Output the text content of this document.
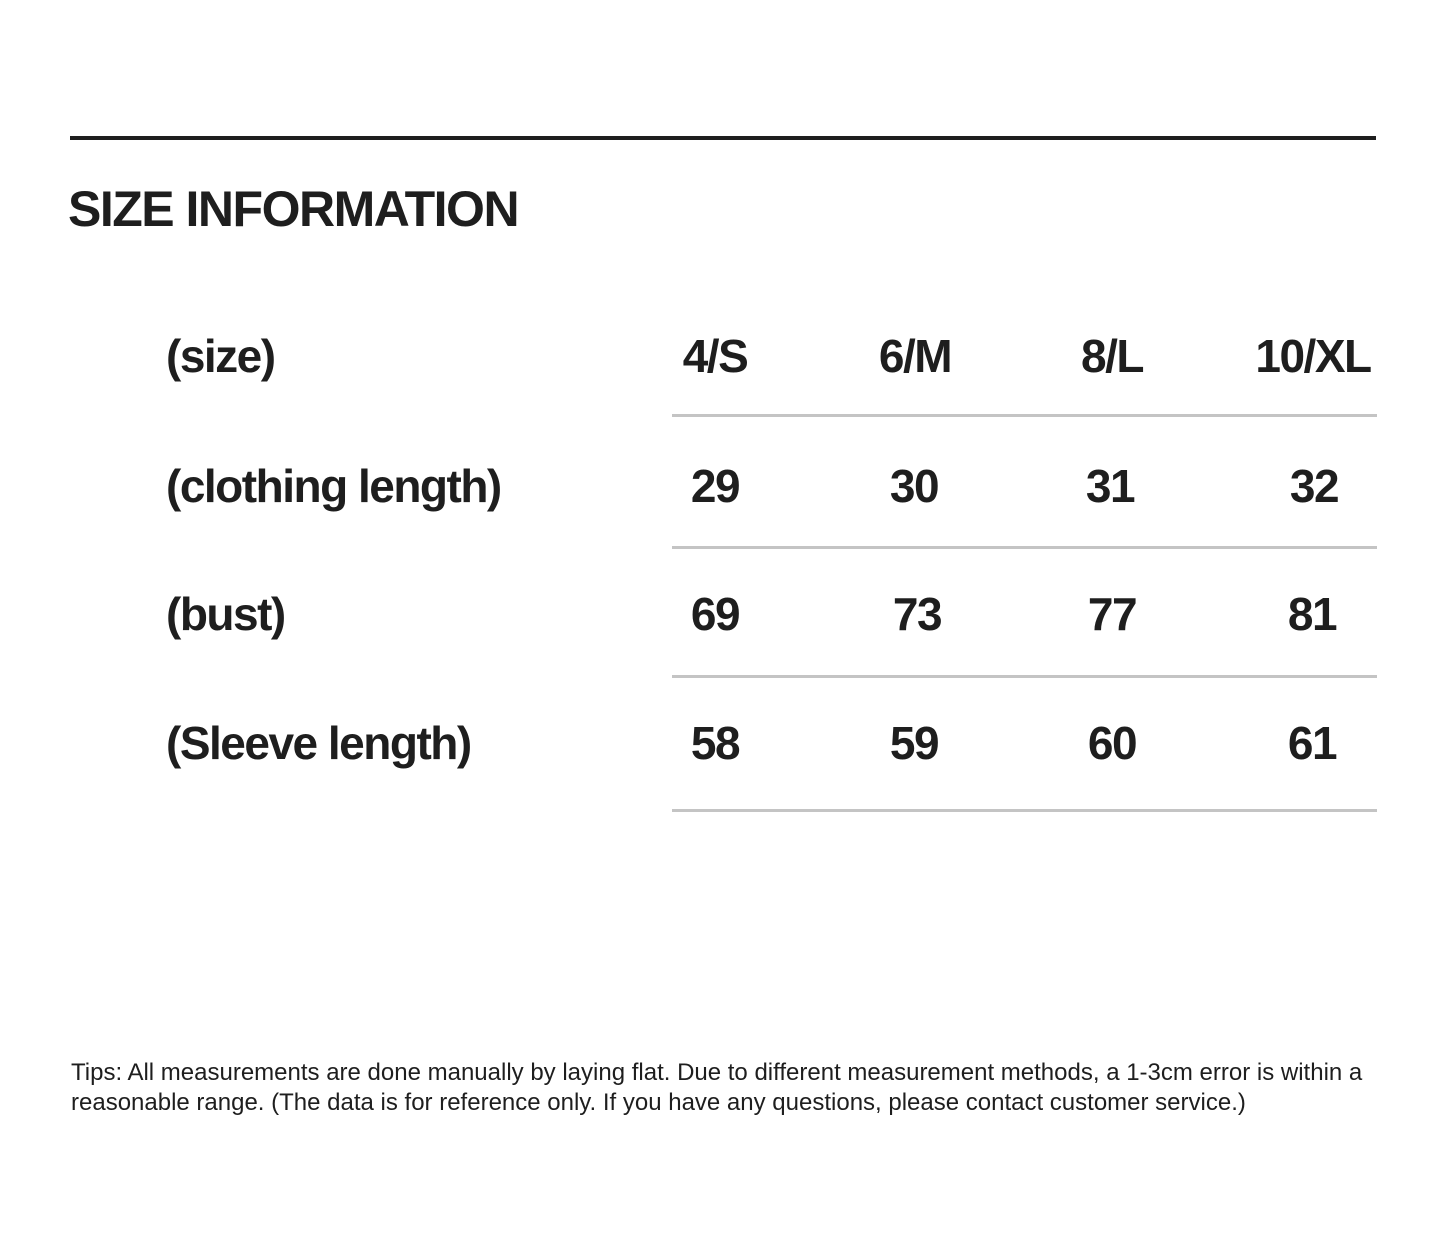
SIZE INFORMATION
(size)	4/S	6/M	8/L	10/XL
(clothing length)	29	30	31	32
(bust)	69	73	77	81
(Sleeve length)	58	59	60	61
Tips: All measurements are done manually by laying flat. Due to different measurement methods, a 1-3cm error is within a reasonable range. (The data is for reference only. If you have any questions, please contact customer service.)
